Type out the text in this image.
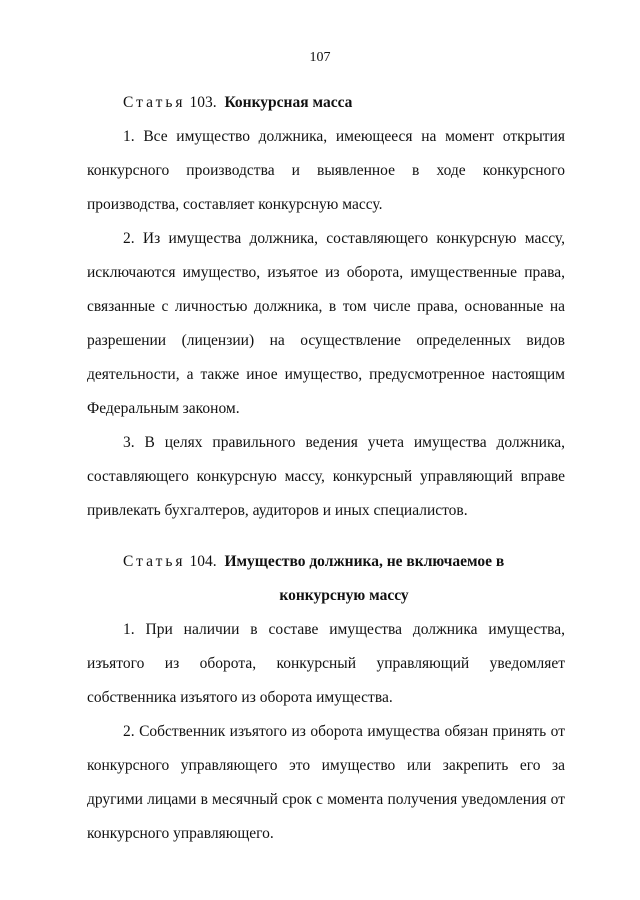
107
Статья 103. Конкурсная масса

1. Все имущество должника, имеющееся на момент открытия конкурсного производства и выявленное в ходе конкурсного производства, составляет конкурсную массу.

2. Из имущества должника, составляющего конкурсную массу, исключаются имущество, изъятое из оборота, имущественные права, связанные с личностью должника, в том числе права, основанные на разрешении (лицензии) на осуществление определенных видов деятельности, а также иное имущество, предусмотренное настоящим Федеральным законом.

3. В целях правильного ведения учета имущества должника, составляющего конкурсную массу, конкурсный управляющий вправе привлекать бухгалтеров, аудиторов и иных специалистов.

Статья 104. Имущество должника, не включаемое в
конкурсную массу

1. При наличии в составе имущества должника имущества, изъятого из оборота, конкурсный управляющий уведомляет собственника изъятого из оборота имущества.

2. Собственник изъятого из оборота имущества обязан принять от конкурсного управляющего это имущество или закрепить его за другими лицами в месячный срок с момента получения уведомления от конкурсного управляющего.
